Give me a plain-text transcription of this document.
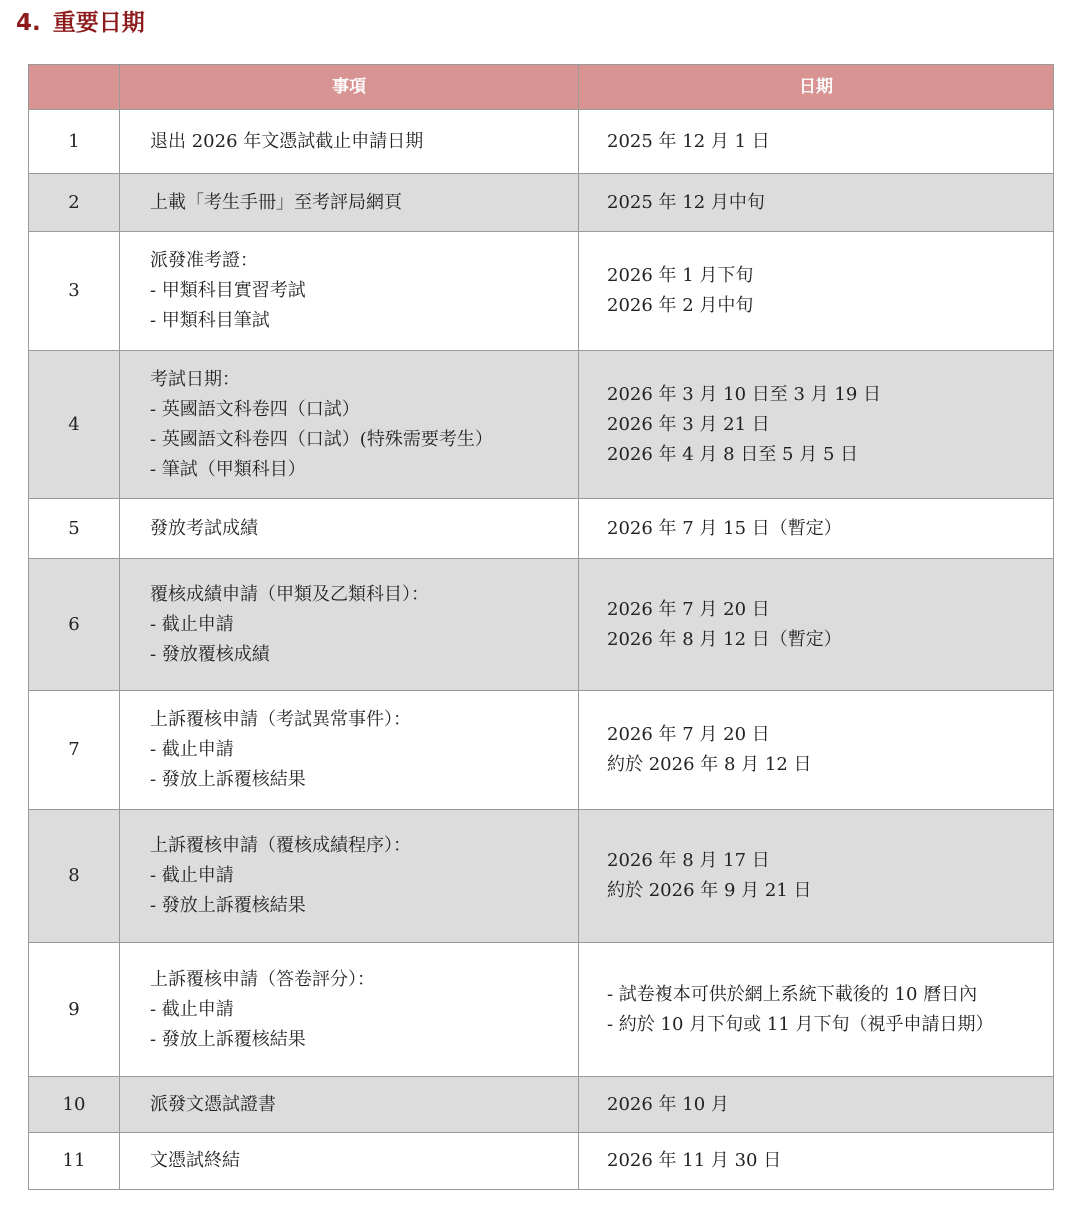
4. 重要日期
	事項	日期
1	退出 2026 年文憑試截止申請日期	2025 年 12 月 1 日

2	上載「考生手冊」至考評局網頁	2025 年 12 月中旬

3	派發准考證：
- 甲類科目實習考試
- 甲類科目筆試	2026 年 1 月下旬
2026 年 2 月中旬

4	考試日期：
- 英國語文科卷四（口試）
- 英國語文科卷四（口試）(特殊需要考生）
- 筆試（甲類科目）	2026 年 3 月 10 日至 3 月 19 日
2026 年 3 月 21 日
2026 年 4 月 8 日至 5 月 5 日

5	發放考試成績	2026 年 7 月 15 日（暫定）

6	覆核成績申請（甲類及乙類科目）：
- 截止申請
- 發放覆核成績	2026 年 7 月 20 日
2026 年 8 月 12 日（暫定）

7	上訴覆核申請（考試異常事件）：
- 截止申請
- 發放上訴覆核結果	2026 年 7 月 20 日
約於 2026 年 8 月 12 日

8	上訴覆核申請（覆核成績程序）：
- 截止申請
- 發放上訴覆核結果	2026 年 8 月 17 日
約於 2026 年 9 月 21 日

9	上訴覆核申請（答卷評分）：
- 截止申請
- 發放上訴覆核結果	- 試卷複本可供於網上系統下載後的 10 曆日內
- 約於 10 月下旬或 11 月下旬（視乎申請日期）

10	派發文憑試證書	2026 年 10 月

11	文憑試終結	2026 年 11 月 30 日
